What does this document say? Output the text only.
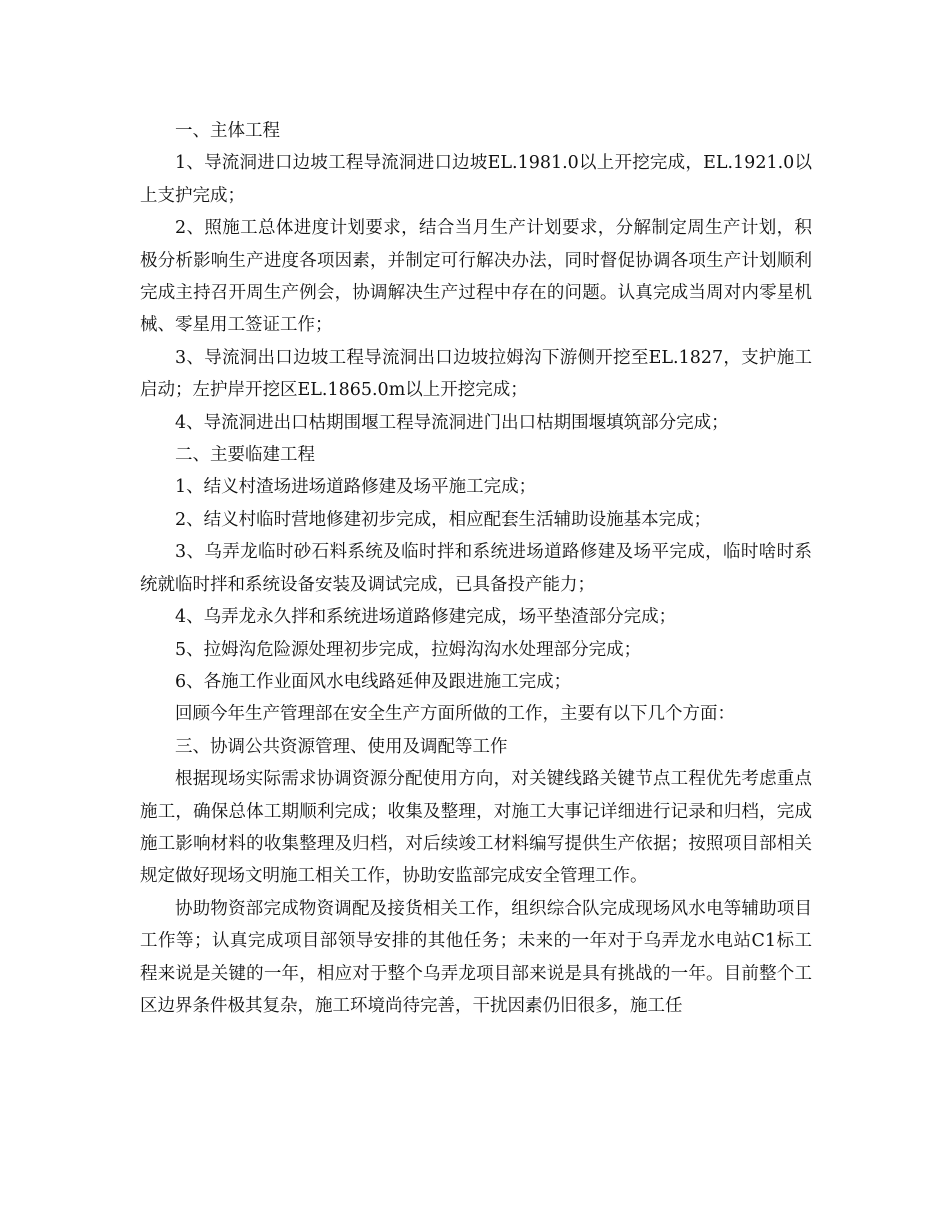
一、主体工程

1、导流洞进口边坡工程导流洞进口边坡EL.1981.0以上开挖完成，EL.1921.0以上支护完成；

2、照施工总体进度计划要求，结合当月生产计划要求，分解制定周生产计划，积极分析影响生产进度各项因素，并制定可行解决办法，同时督促协调各项生产计划顺利完成主持召开周生产例会，协调解决生产过程中存在的问题。认真完成当周对内零星机械、零星用工签证工作；

3、导流洞出口边坡工程导流洞出口边坡拉姆沟下游侧开挖至EL.1827，支护施工启动；左护岸开挖区EL.1865.0m以上开挖完成；

4、导流洞进出口枯期围堰工程导流洞进门出口枯期围堰填筑部分完成；

二、主要临建工程

1、结义村渣场进场道路修建及场平施工完成；

2、结义村临时营地修建初步完成，相应配套生活辅助设施基本完成；

3、乌弄龙临时砂石料系统及临时拌和系统进场道路修建及场平完成，临时啥时系统就临时拌和系统设备安装及调试完成，已具备投产能力；

4、乌弄龙永久拌和系统进场道路修建完成，场平垫渣部分完成；

5、拉姆沟危险源处理初步完成，拉姆沟沟水处理部分完成；

6、各施工作业面风水电线路延伸及跟进施工完成；

回顾今年生产管理部在安全生产方面所做的工作，主要有以下几个方面：

三、协调公共资源管理、使用及调配等工作

根据现场实际需求协调资源分配使用方向，对关键线路关键节点工程优先考虑重点施工，确保总体工期顺利完成；收集及整理，对施工大事记详细进行记录和归档，完成施工影响材料的收集整理及归档，对后续竣工材料编写提供生产依据；按照项目部相关规定做好现场文明施工相关工作，协助安监部完成安全管理工作。

协助物资部完成物资调配及接货相关工作，组织综合队完成现场风水电等辅助项目工作等；认真完成项目部领导安排的其他任务；未来的一年对于乌弄龙水电站C1标工程来说是关键的一年，相应对于整个乌弄龙项目部来说是具有挑战的一年。目前整个工区边界条件极其复杂，施工环境尚待完善，干扰因素仍旧很多，施工任
